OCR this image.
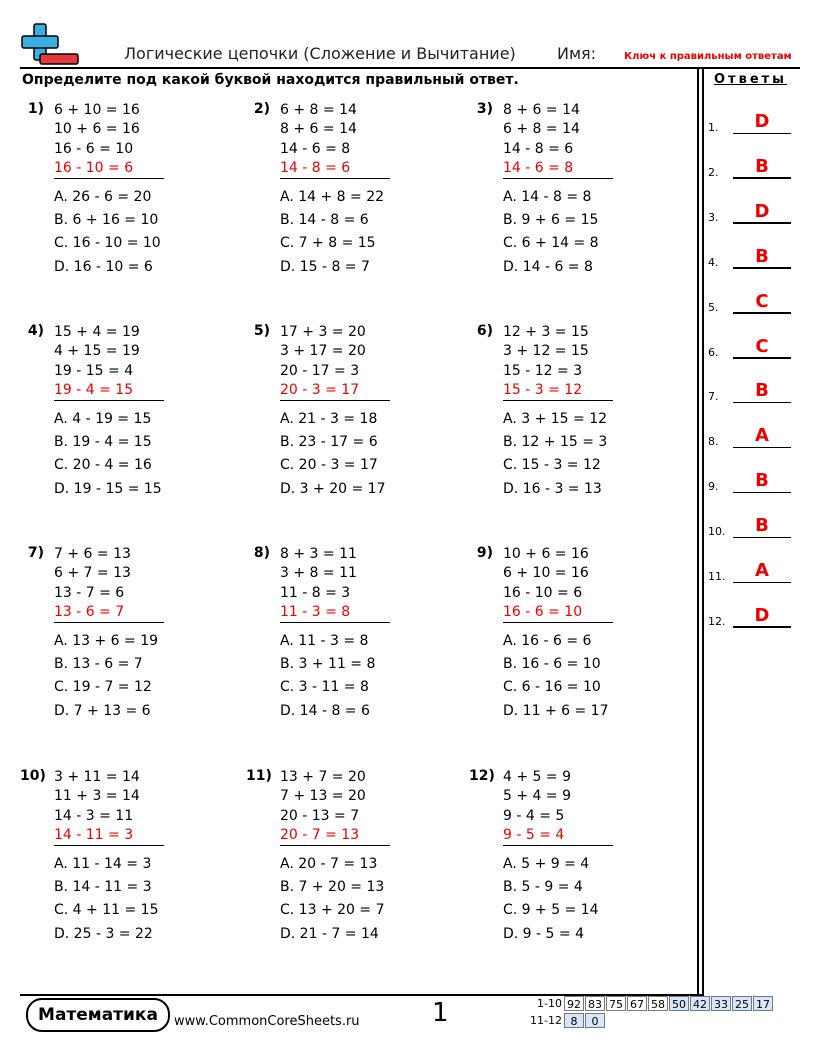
Логические цепочки (Сложение и Вычитание)	Имя:	Ключ к правильным ответам
Определите под какой буквой находится правильный ответ.	Ответы
1.	D
2.	B
3.	D
4.	B
5.	C
6.	C
7.	B
8.	A
9.	B
10.	B
11.	A
12.	D
1) 6 + 10 = 16
10 + 6 = 16
16 - 6 = 10
16 - 10 = 6
A. 26 - 6 = 20
B. 6 + 16 = 10
C. 16 - 10 = 10
D. 16 - 10 = 6
2) 6 + 8 = 14
8 + 6 = 14
14 - 6 = 8
14 - 8 = 6
A. 14 + 8 = 22
B. 14 - 8 = 6
C. 7 + 8 = 15
D. 15 - 8 = 7
3) 8 + 6 = 14
6 + 8 = 14
14 - 8 = 6
14 - 6 = 8
A. 14 - 8 = 8
B. 9 + 6 = 15
C. 6 + 14 = 8
D. 14 - 6 = 8
4) 15 + 4 = 19
4 + 15 = 19
19 - 15 = 4
19 - 4 = 15
A. 4 - 19 = 15
B. 19 - 4 = 15
C. 20 - 4 = 16
D. 19 - 15 = 15
5) 17 + 3 = 20
3 + 17 = 20
20 - 17 = 3
20 - 3 = 17
A. 21 - 3 = 18
B. 23 - 17 = 6
C. 20 - 3 = 17
D. 3 + 20 = 17
6) 12 + 3 = 15
3 + 12 = 15
15 - 12 = 3
15 - 3 = 12
A. 3 + 15 = 12
B. 12 + 15 = 3
C. 15 - 3 = 12
D. 16 - 3 = 13
7) 7 + 6 = 13
6 + 7 = 13
13 - 7 = 6
13 - 6 = 7
A. 13 + 6 = 19
B. 13 - 6 = 7
C. 19 - 7 = 12
D. 7 + 13 = 6
8) 8 + 3 = 11
3 + 8 = 11
11 - 8 = 3
11 - 3 = 8
A. 11 - 3 = 8
B. 3 + 11 = 8
C. 3 - 11 = 8
D. 14 - 8 = 6
9) 10 + 6 = 16
6 + 10 = 16
16 - 10 = 6
16 - 6 = 10
A. 16 - 6 = 6
B. 16 - 6 = 10
C. 6 - 16 = 10
D. 11 + 6 = 17
10) 3 + 11 = 14
11 + 3 = 14
14 - 3 = 11
14 - 11 = 3
A. 11 - 14 = 3
B. 14 - 11 = 3
C. 4 + 11 = 15
D. 25 - 3 = 22
11) 13 + 7 = 20
7 + 13 = 20
20 - 13 = 7
20 - 7 = 13
A. 20 - 7 = 13
B. 7 + 20 = 13
C. 13 + 20 = 7
D. 21 - 7 = 14
12) 4 + 5 = 9
5 + 4 = 9
9 - 4 = 5
9 - 5 = 4
A. 5 + 9 = 4
B. 5 - 9 = 4
C. 9 + 5 = 14
D. 9 - 5 = 4
Математика	www.CommonCoreSheets.ru	1	1-10 92 83 75 67 58 50 42 33 25 17
11-12 8	0
